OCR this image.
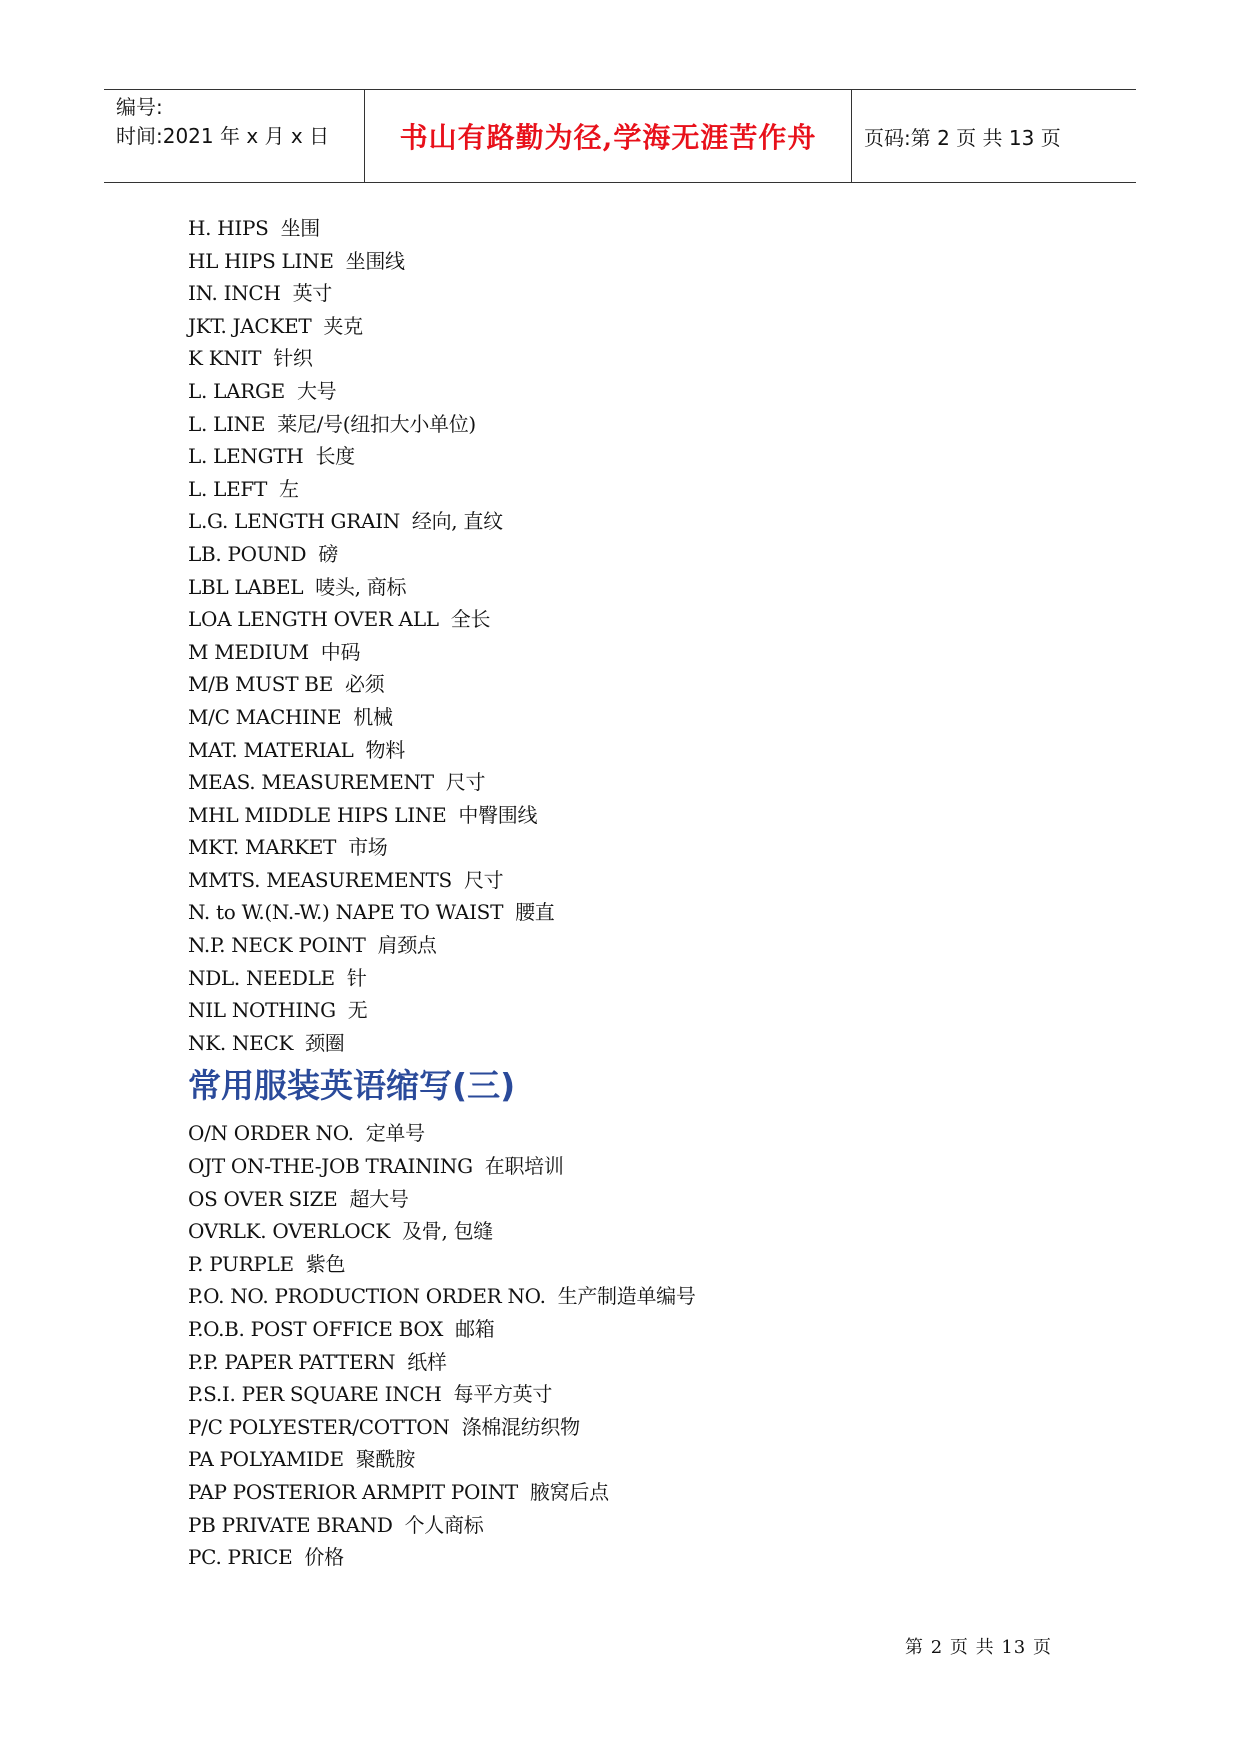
编号:
时间:2021 年 x 月 x 日	书山有路勤为径,学海无涯苦作舟	页码:第 2 页 共 13 页
H. HIPS 坐围
HL HIPS LINE 坐围线
IN. INCH 英寸
JKT. JACKET 夹克
K KNIT 针织
L. LARGE 大号
L. LINE 莱尼/号(纽扣大小单位)
L. LENGTH 长度
L. LEFT 左
L.G. LENGTH GRAIN 经向, 直纹
LB. POUND 磅
LBL LABEL 唛头, 商标
LOA LENGTH OVER ALL 全长
M MEDIUM 中码
M/B MUST BE 必须
M/C MACHINE 机械
MAT. MATERIAL 物料
MEAS. MEASUREMENT 尺寸
MHL MIDDLE HIPS LINE 中臀围线
MKT. MARKET 市场
MMTS. MEASUREMENTS 尺寸
N. to W.(N.-W.) NAPE TO WAIST 腰直
N.P. NECK POINT 肩颈点
NDL. NEEDLE 针
NIL NOTHING 无
NK. NECK 颈圈
常用服装英语缩写(三)
O/N ORDER NO. 定单号
OJT ON-THE-JOB TRAINING 在职培训
OS OVER SIZE 超大号
OVRLK. OVERLOCK 及骨, 包缝
P. PURPLE 紫色
P.O. NO. PRODUCTION ORDER NO. 生产制造单编号
P.O.B. POST OFFICE BOX 邮箱
P.P. PAPER PATTERN 纸样
P.S.I. PER SQUARE INCH 每平方英寸
P/C POLYESTER/COTTON 涤棉混纺织物
PA POLYAMIDE 聚酰胺
PAP POSTERIOR ARMPIT POINT 腋窝后点
PB PRIVATE BRAND 个人商标
PC. PRICE 价格
第 2 页 共 13 页
